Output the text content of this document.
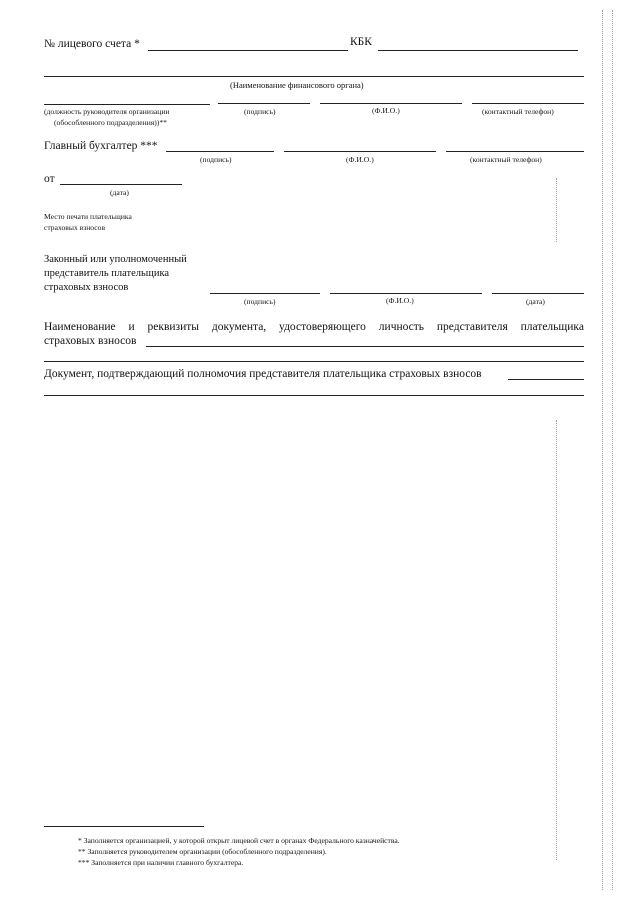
№ лицевого счета *	КБК
(Наименование финансового органа)
(должность руководителя организации
(обособленного подразделения))**
(подпись)	(Ф.И.О.)	(контактный телефон)
Главный бухгалтер ***
(подпись)	(Ф.И.О.)	(контактный телефон)
от
(дата)
Место печати плательщика
страховых взносов
Законный или уполномоченный
представитель плательщика
страховых взносов
(подпись)	(Ф.И.О.)	(дата)
Наименование и реквизиты документа, удостоверяющего личность представителя плательщика
страховых взносов
Документ, подтверждающий полномочия представителя плательщика страховых взносов
* Заполняется организацией, у которой открыт лицевой счет в органах Федерального казначейства.
** Заполняется руководителем организации (обособленного подразделения).
*** Заполняется при наличии главного бухгалтера.
